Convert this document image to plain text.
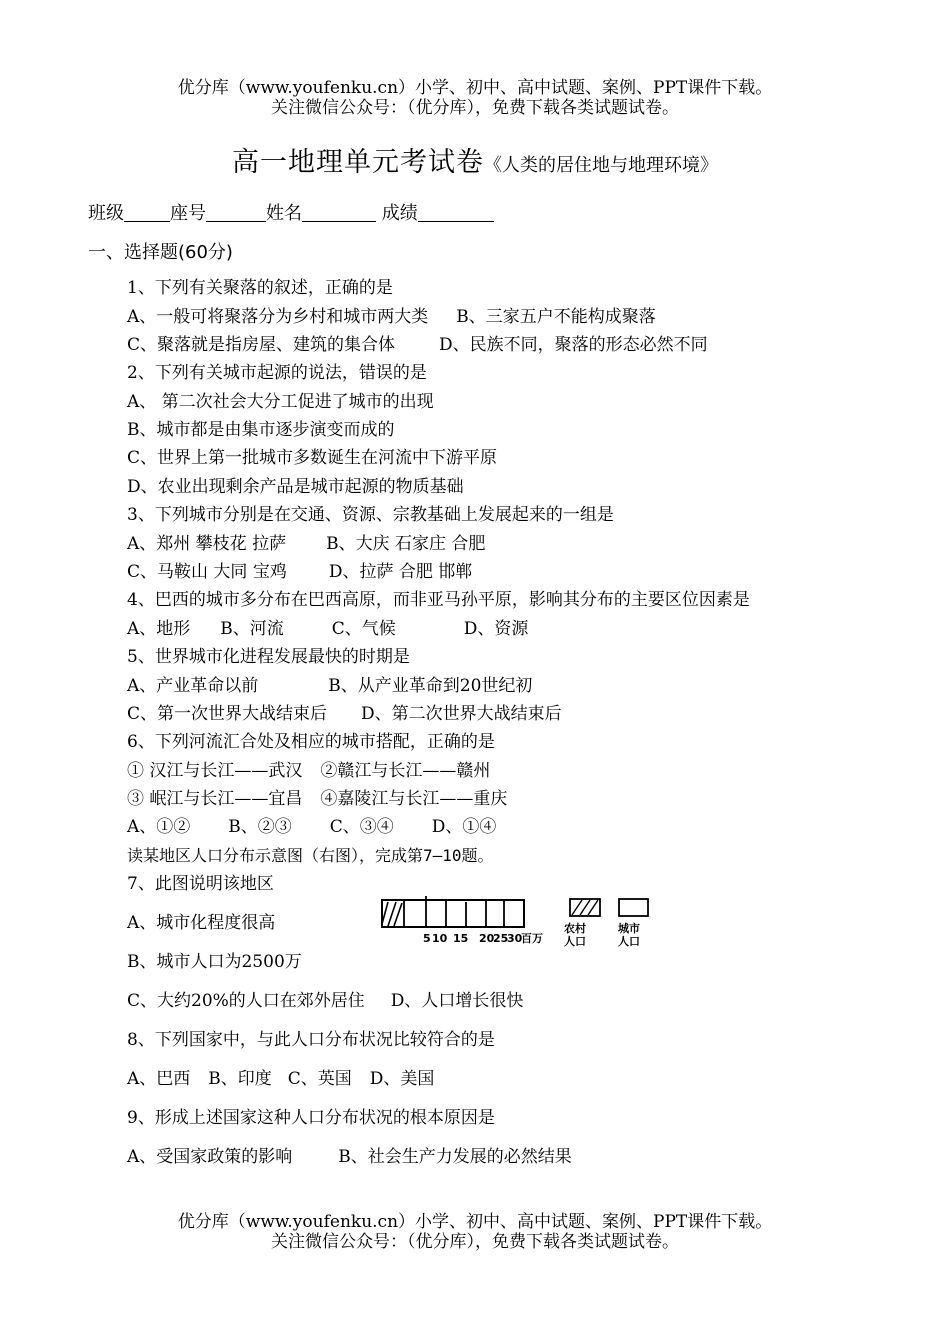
优分库（www.youfenku.cn）小学、初中、高中试题、案例、PPT课件下载。
关注微信公众号：（优分库），免费下载各类试题试卷。
高一地理单元考试卷《人类的居住地与地理环境》
班级	座号	姓名	成绩
一、选择题(60分)
1、下列有关聚落的叙述，正确的是
A、一般可将聚落分为乡村和城市两大类 B、三家五户不能构成聚落
C、聚落就是指房屋、建筑的集合体	D、民族不同，聚落的形态必然不同
2、下列有关城市起源的说法，错误的是
A、 第二次社会大分工促进了城市的出现
B、城市都是由集市逐步演变而成的
C、世界上第一批城市多数诞生在河流中下游平原
D、农业出现剩余产品是城市起源的物质基础
3、下列城市分别是在交通、资源、宗教基础上发展起来的一组是
A、郑州 攀枝花 拉萨 B、大庆 石家庄 合肥
C、马鞍山 大同 宝鸡 D、拉萨 合肥 邯郸
4、巴西的城市多分布在巴西高原，而非亚马孙平原，影响其分布的主要区位因素是
A、地形 B、河流	C、气候	D、资源
5、世界城市化进程发展最快的时期是
A、产业革命以前	B、从产业革命到20世纪初
C、第一次世界大战结束后 D、第二次世界大战结束后
6、下列河流汇合处及相应的城市搭配，正确的是
① 汉江与长江——武汉 ②赣江与长江——赣州
③ 岷江与长江——宜昌 ④嘉陵江与长江——重庆
A、①② B、②③ C、③④ D、①④
读某地区人口分布示意图（右图），完成第7—10题。
7、此图说明该地区
A、城市化程度很高
5 10 15 20
25
30
百万
农村
人口
城市
人口
B、城市人口为2500万
C、大约20%的人口在郊外居住 D、人口增长很快
8、下列国家中，与此人口分布状况比较符合的是
A、巴西 B、印度 C、英国 D、美国
9、形成上述国家这种人口分布状况的根本原因是
A、受国家政策的影响	B、社会生产力发展的必然结果
优分库（www.youfenku.cn）小学、初中、高中试题、案例、PPT课件下载。
关注微信公众号：（优分库），免费下载各类试题试卷。
